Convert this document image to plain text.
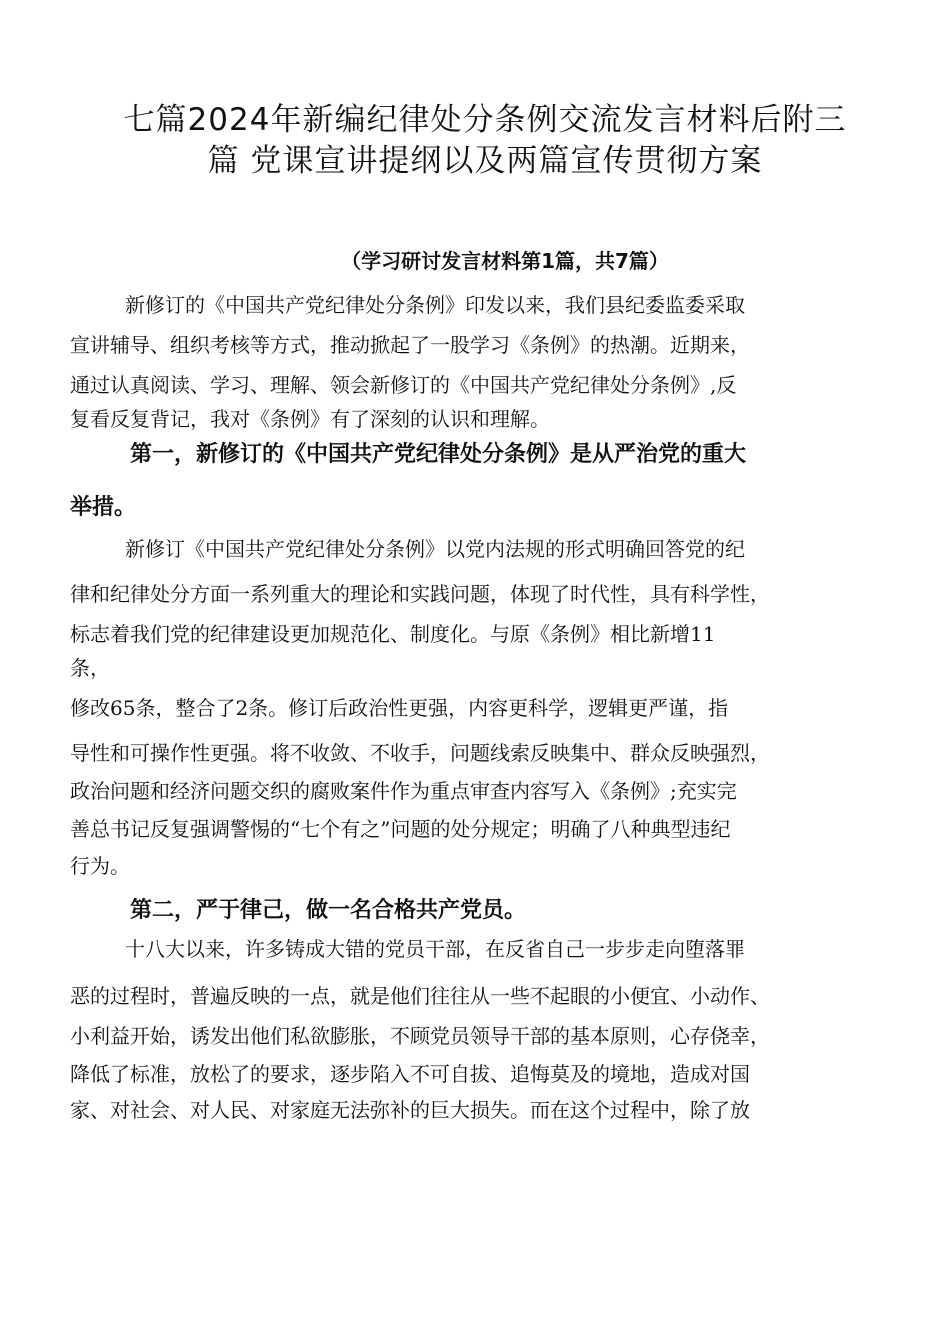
七篇2024年新编纪律处分条例交流发言材料后附三
篇 党课宣讲提纲以及两篇宣传贯彻方案
（学习研讨发言材料第1篇，共7篇）
新修订的《中国共产党纪律处分条例》印发以来，我们县纪委监委采取
宣讲辅导、组织考核等方式，推动掀起了一股学习《条例》的热潮。近期来，
通过认真阅读、学习、理解、领会新修订的《中国共产党纪律处分条例》,反
复看反复背记，我对《条例》有了深刻的认识和理解。
第一，新修订的《中国共产党纪律处分条例》是从严治党的重大
举措。
新修订《中国共产党纪律处分条例》以党内法规的形式明确回答党的纪
律和纪律处分方面一系列重大的理论和实践问题，体现了时代性，具有科学性，
标志着我们党的纪律建设更加规范化、制度化。与原《条例》相比新增11
条，
修改65条，整合了2条。修订后政治性更强，内容更科学，逻辑更严谨，指
导性和可操作性更强。将不收敛、不收手，问题线索反映集中、群众反映强烈，
政治问题和经济问题交织的腐败案件作为重点审查内容写入《条例》;充实完
善总书记反复强调警惕的“七个有之”问题的处分规定；明确了八种典型违纪
行为。
第二，严于律己，做一名合格共产党员。
十八大以来，许多铸成大错的党员干部，在反省自己一步步走向堕落罪
恶的过程时，普遍反映的一点，就是他们往往从一些不起眼的小便宜、小动作、
小利益开始，诱发出他们私欲膨胀，不顾党员领导干部的基本原则，心存侥幸，
降低了标准，放松了的要求，逐步陷入不可自拔、追悔莫及的境地，造成对国
家、对社会、对人民、对家庭无法弥补的巨大损失。而在这个过程中，除了放
